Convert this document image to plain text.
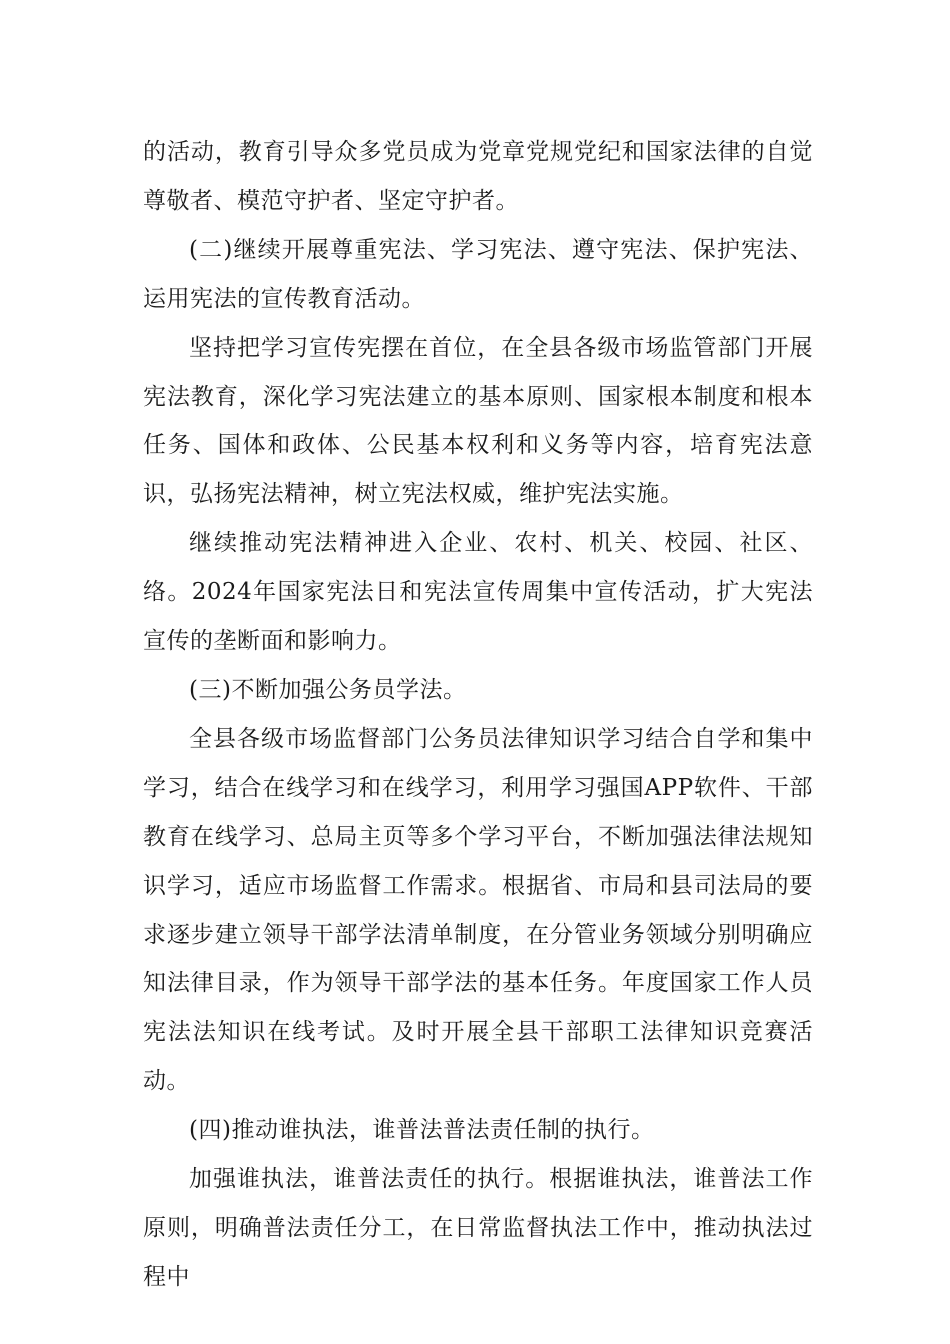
的活动，教育引导众多党员成为党章党规党纪和国家法律的自觉尊敬者、模范守护者、坚定守护者。

(二)继续开展尊重宪法、学习宪法、遵守宪法、保护宪法、运用宪法的宣传教育活动。

坚持把学习宣传宪摆在首位，在全县各级市场监管部门开展宪法教育，深化学习宪法建立的基本原则、国家根本制度和根本任务、国体和政体、公民基本权利和义务等内容，培育宪法意识，弘扬宪法精神，树立宪法权威，维护宪法实施。

继续推动宪法精神进入企业、农村、机关、校园、社区、络。2024年国家宪法日和宪法宣传周集中宣传活动，扩大宪法宣传的垄断面和影响力。

(三)不断加强公务员学法。

全县各级市场监督部门公务员法律知识学习结合自学和集中学习，结合在线学习和在线学习，利用学习强国APP软件、干部教育在线学习、总局主页等多个学习平台，不断加强法律法规知识学习，适应市场监督工作需求。根据省、市局和县司法局的要求逐步建立领导干部学法清单制度，在分管业务领域分别明确应知法律目录，作为领导干部学法的基本任务。年度国家工作人员宪法法知识在线考试。及时开展全县干部职工法律知识竞赛活动。

(四)推动谁执法，谁普法普法责任制的执行。

加强谁执法，谁普法责任的执行。根据谁执法，谁普法工作原则，明确普法责任分工，在日常监督执法工作中，推动执法过程中
